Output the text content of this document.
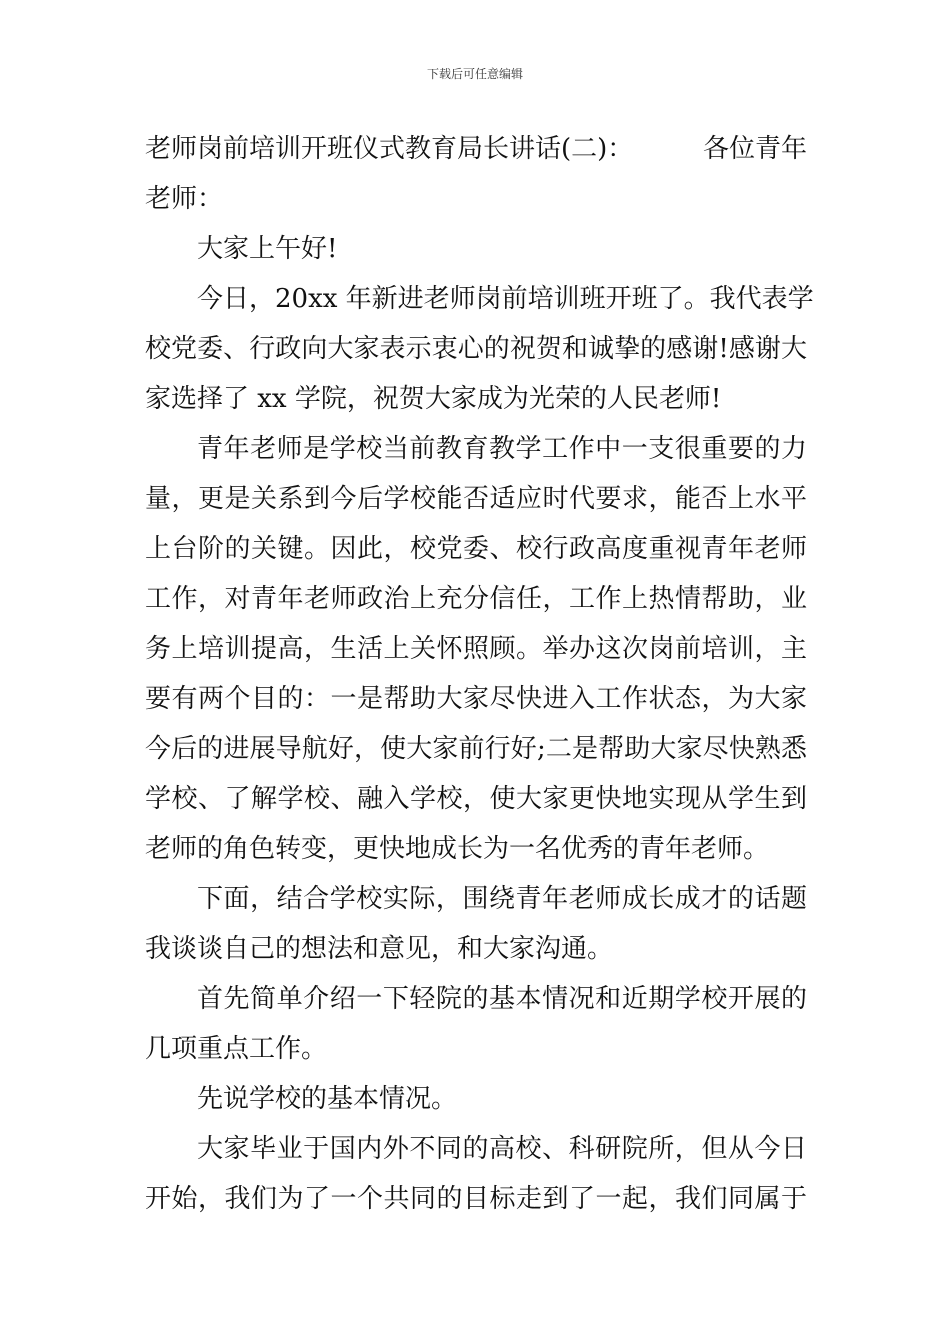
下载后可任意编辑
老师岗前培训开班仪式教育局长讲话(二)：	各位青年
老师：
大家上午好!
今日，20xx 年新进老师岗前培训班开班了。我代表学
校党委、行政向大家表示衷心的祝贺和诚挚的感谢!感谢大
家选择了 xx 学院，祝贺大家成为光荣的人民老师!
青年老师是学校当前教育教学工作中一支很重要的力
量，更是关系到今后学校能否适应时代要求，能否上水平
上台阶的关键。因此，校党委、校行政高度重视青年老师
工作，对青年老师政治上充分信任，工作上热情帮助，业
务上培训提高，生活上关怀照顾。举办这次岗前培训，主
要有两个目的：一是帮助大家尽快进入工作状态，为大家
今后的进展导航好，使大家前行好;二是帮助大家尽快熟悉
学校、了解学校、融入学校，使大家更快地实现从学生到
老师的角色转变，更快地成长为一名优秀的青年老师。
下面，结合学校实际，围绕青年老师成长成才的话题
我谈谈自己的想法和意见，和大家沟通。
首先简单介绍一下轻院的基本情况和近期学校开展的
几项重点工作。
先说学校的基本情况。
大家毕业于国内外不同的高校、科研院所，但从今日
开始，我们为了一个共同的目标走到了一起，我们同属于
